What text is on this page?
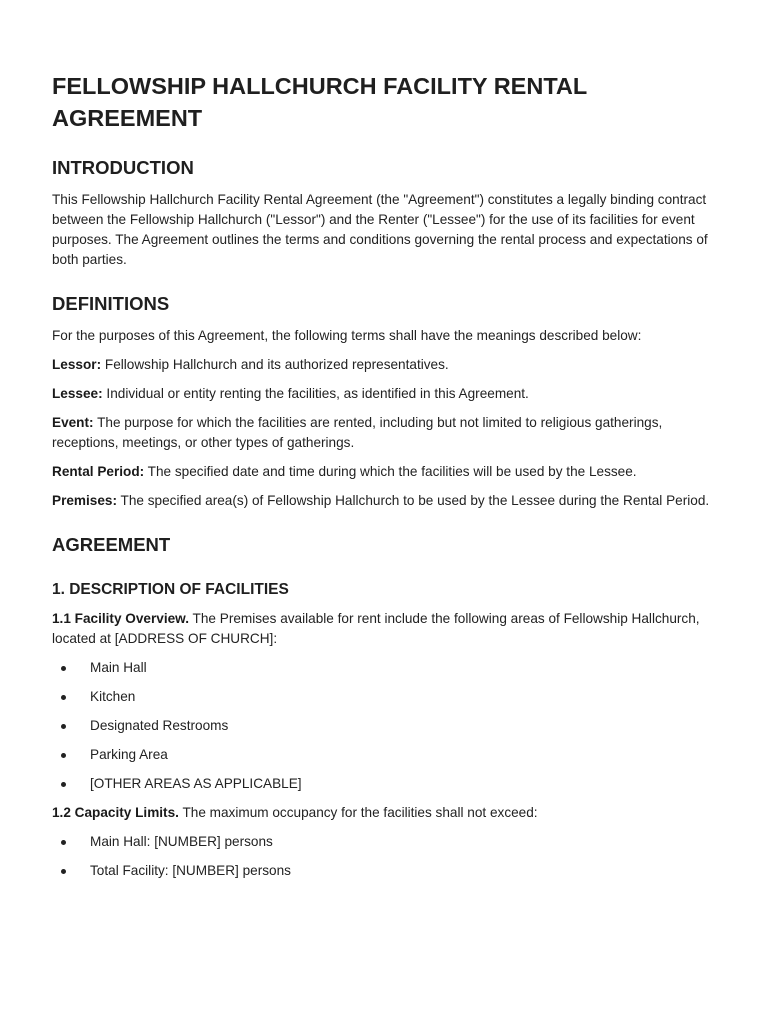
FELLOWSHIP HALLCHURCH FACILITY RENTAL AGREEMENT
INTRODUCTION
This Fellowship Hallchurch Facility Rental Agreement (the "Agreement") constitutes a legally binding contract between the Fellowship Hallchurch ("Lessor") and the Renter ("Lessee") for the use of its facilities for event purposes. The Agreement outlines the terms and conditions governing the rental process and expectations of both parties.
DEFINITIONS
For the purposes of this Agreement, the following terms shall have the meanings described below:
Lessor: Fellowship Hallchurch and its authorized representatives.
Lessee: Individual or entity renting the facilities, as identified in this Agreement.
Event: The purpose for which the facilities are rented, including but not limited to religious gatherings, receptions, meetings, or other types of gatherings.
Rental Period: The specified date and time during which the facilities will be used by the Lessee.
Premises: The specified area(s) of Fellowship Hallchurch to be used by the Lessee during the Rental Period.
AGREEMENT
1. DESCRIPTION OF FACILITIES
1.1 Facility Overview. The Premises available for rent include the following areas of Fellowship Hallchurch, located at [ADDRESS OF CHURCH]:
Main Hall
Kitchen
Designated Restrooms
Parking Area
[OTHER AREAS AS APPLICABLE]
1.2 Capacity Limits. The maximum occupancy for the facilities shall not exceed:
Main Hall: [NUMBER] persons
Total Facility: [NUMBER] persons
